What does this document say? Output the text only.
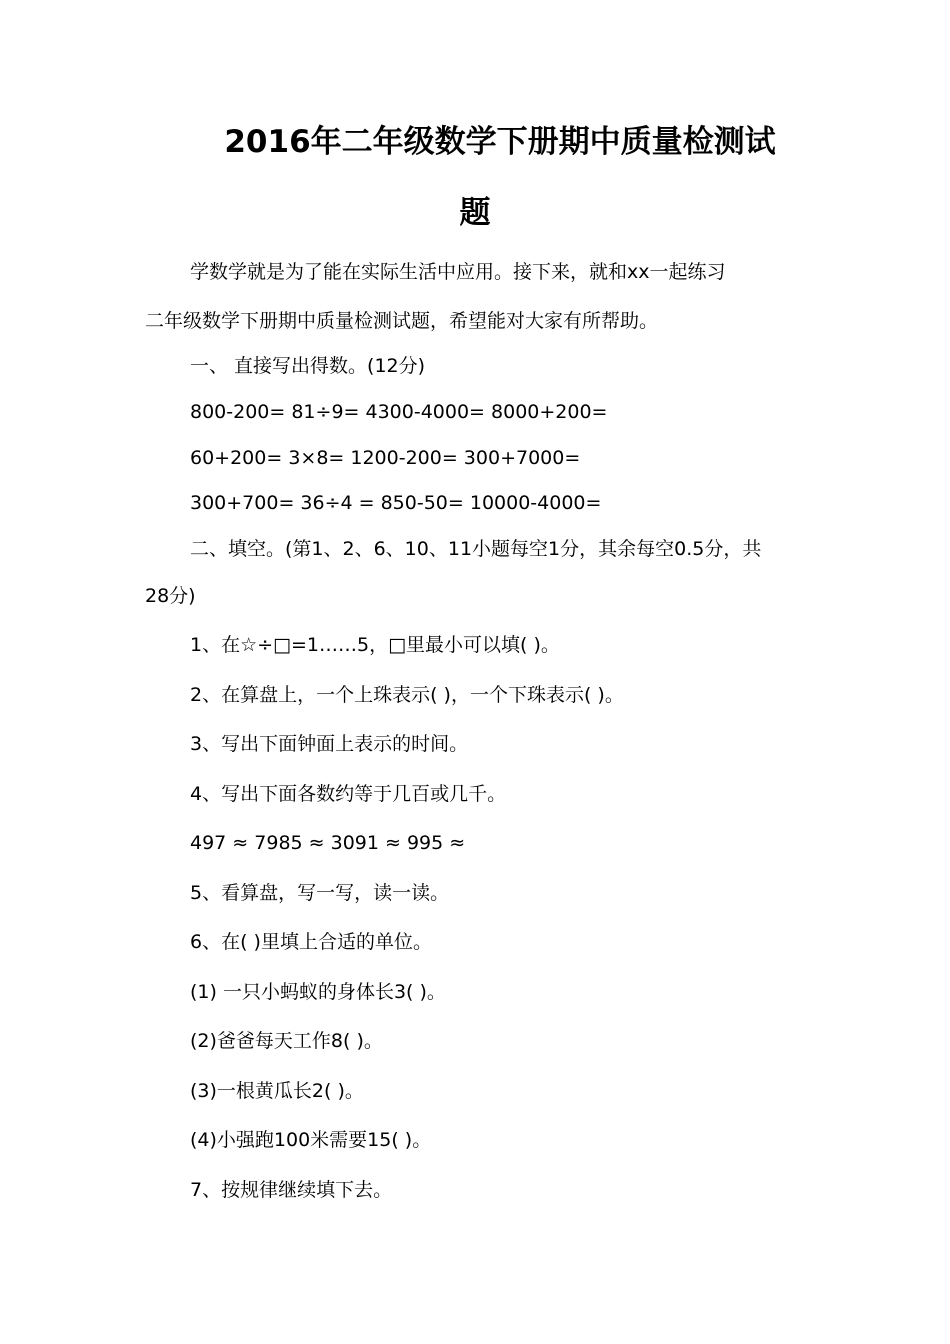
2016年二年级数学下册期中质量检测试
题
学数学就是为了能在实际生活中应用。接下来，就和xx一起练习
二年级数学下册期中质量检测试题，希望能对大家有所帮助。
一、 直接写出得数。(12分)
800-200= 81÷9= 4300-4000= 8000+200=
60+200= 3×8= 1200-200= 300+7000=
300+700= 36÷4 = 850-50= 10000-4000=
二、填空。(第1、2、6、10、11小题每空1分，其余每空0.5分，共
28分)
1、在☆÷□=1……5，□里最小可以填( )。
2、在算盘上，一个上珠表示( )，一个下珠表示( )。
3、写出下面钟面上表示的时间。
4、写出下面各数约等于几百或几千。
497 ≈ 7985 ≈ 3091 ≈ 995 ≈
5、看算盘，写一写，读一读。
6、在( )里填上合适的单位。
(1) 一只小蚂蚁的身体长3( )。
(2)爸爸每天工作8( )。
(3)一根黄瓜长2( )。
(4)小强跑100米需要15( )。
7、按规律继续填下去。
